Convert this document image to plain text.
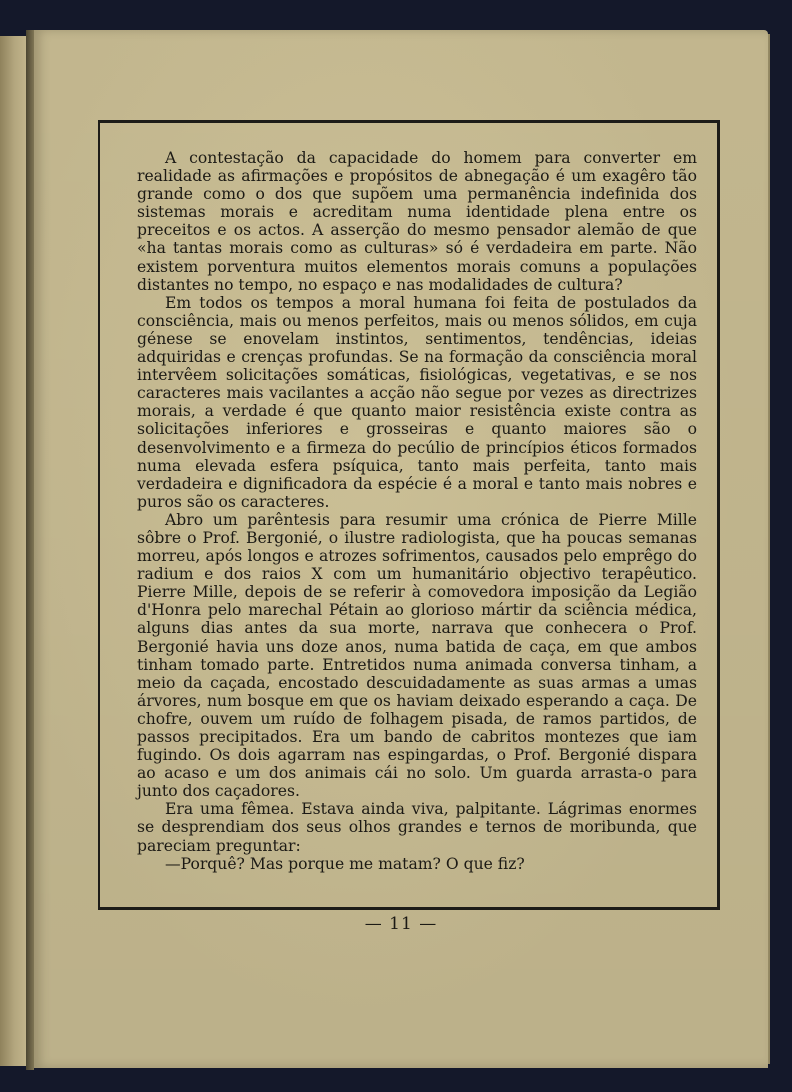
A contestação da capacidade do homem para converter em realidade as afirmações e propósitos de abnegação é um exagêro tão grande como o dos que supõem uma permanência indefinida dos sistemas morais e acreditam numa identidade plena entre os preceitos e os actos. A asserção do mesmo pensador alemão de que «ha tantas morais como as culturas» só é verdadeira em parte. Não existem porventura muitos elementos morais comuns a populações distantes no tempo, no espaço e nas modalidades de cultura?

Em todos os tempos a moral humana foi feita de postulados da consciência, mais ou menos perfeitos, mais ou menos sólidos, em cuja génese se enovelam instintos, sentimentos, tendências, ideias adquiridas e crenças profundas. Se na formação da consciência moral intervêem solicitações somáticas, fisiológicas, vegetativas, e se nos caracteres mais vacilantes a acção não segue por vezes as directrizes morais, a verdade é que quanto maior resistência existe contra as solicitações inferiores e grosseiras e quanto maiores são o desenvolvimento e a firmeza do pecúlio de princípios éticos formados numa elevada esfera psíquica, tanto mais perfeita, tanto mais verdadeira e dignificadora da espécie é a moral e tanto mais nobres e puros são os caracteres.

Abro um parêntesis para resumir uma crónica de Pierre Mille sôbre o Prof. Bergonié, o ilustre radiologista, que ha poucas semanas morreu, após longos e atrozes sofrimentos, causados pelo emprêgo do radium e dos raios X com um humanitário objectivo terapêutico. Pierre Mille, depois de se referir à comovedora imposição da Legião d'Honra pelo marechal Pétain ao glorioso mártir da sciência médica, alguns dias antes da sua morte, narrava que conhecera o Prof. Bergonié havia uns doze anos, numa batida de caça, em que ambos tinham tomado parte. Entretidos numa animada conversa tinham, a meio da caçada, encostado descuidadamente as suas armas a umas árvores, num bosque em que os haviam deixado esperando a caça. De chofre, ouvem um ruído de folhagem pisada, de ramos partidos, de passos precipitados. Era um bando de cabritos montezes que iam fugindo. Os dois agarram nas espingardas, o Prof. Bergonié dispara ao acaso e um dos animais cái no solo. Um guarda arrasta-o para junto dos caçadores.

Era uma fêmea. Estava ainda viva, palpitante. Lágrimas enormes se desprendiam dos seus olhos grandes e ternos de moribunda, que pareciam preguntar:

—Porquê? Mas porque me matam? O que fiz?

— 11 —
